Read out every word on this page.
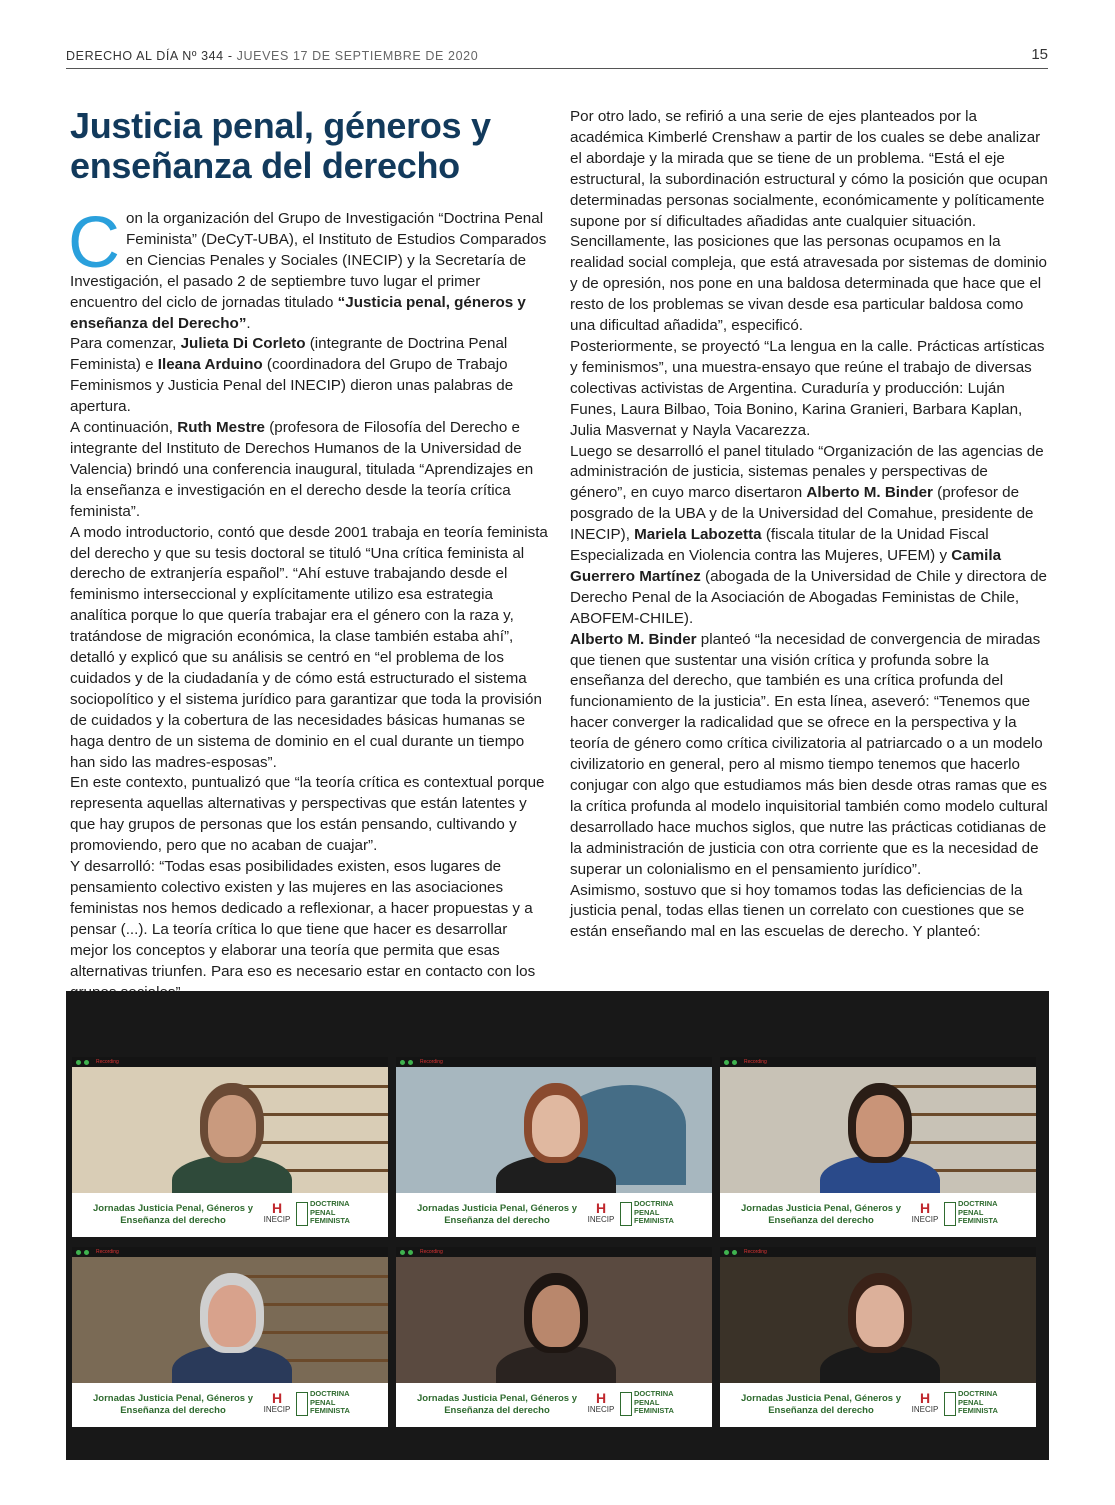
DERECHO AL DÍA Nº 344 - JUEVES 17 DE SEPTIEMBRE DE 2020	15
Justicia penal, géneros y enseñanza del derecho

Con la organización del Grupo de Investigación “Doctrina Penal Feminista” (DeCyT-UBA), el Instituto de Estudios Comparados en Ciencias Penales y Sociales (INECIP) y la Secretaría de Investigación, el pasado 2 de septiembre tuvo lugar el primer encuentro del ciclo de jornadas titulado “Justicia penal, géneros y enseñanza del Derecho”.

Para comenzar, Julieta Di Corleto (integrante de Doctrina Penal Feminista) e Ileana Arduino (coordinadora del Grupo de Trabajo Feminismos y Justicia Penal del INECIP) dieron unas palabras de apertura.

A continuación, Ruth Mestre (profesora de Filosofía del Derecho e integrante del Instituto de Derechos Humanos de la Universidad de Valencia) brindó una conferencia inaugural, titulada “Aprendizajes en la enseñanza e investigación en el derecho desde la teoría crítica feminista”.

A modo introductorio, contó que desde 2001 trabaja en teoría feminista del derecho y que su tesis doctoral se tituló “Una crítica feminista al derecho de extranjería español”. “Ahí estuve trabajando desde el feminismo interseccional y explícitamente utilizo esa estrategia analítica porque lo que quería trabajar era el género con la raza y, tratándose de migración económica, la clase también estaba ahí”, detalló y explicó que su análisis se centró en “el problema de los cuidados y de la ciudadanía y de cómo está estructurado el sistema sociopolítico y el sistema jurídico para garantizar que toda la provisión de cuidados y la cobertura de las necesidades básicas humanas se haga dentro de un sistema de dominio en el cual durante un tiempo han sido las madres-esposas”.

En este contexto, puntualizó que “la teoría crítica es contextual porque representa aquellas alternativas y perspectivas que están latentes y que hay grupos de personas que los están pensando, cultivando y promoviendo, pero que no acaban de cuajar”.

Y desarrolló: “Todas esas posibilidades existen, esos lugares de pensamiento colectivo existen y las mujeres en las asociaciones feministas nos hemos dedicado a reflexionar, a hacer propuestas y a pensar (...). La teoría crítica lo que tiene que hacer es desarrollar mejor los conceptos y elaborar una teoría que permita que esas alternativas triunfen. Para eso es necesario estar en contacto con los

Por otro lado, se refirió a una serie de ejes planteados por la académica Kimberlé Crenshaw a partir de los cuales se debe analizar el abordaje y la mirada que se tiene de un problema. “Está el eje estructural, la subordinación estructural y cómo la posición que ocupan determinadas personas socialmente, económicamente y políticamente supone por sí dificultades añadidas ante cualquier situación. Sencillamente, las posiciones que las personas ocupamos en la realidad social compleja, que está atravesada por sistemas de dominio y de opresión, nos pone en una baldosa determinada que hace que el resto de los problemas se vivan desde esa particular baldosa como una dificultad añadida”, especificó.

Posteriormente, se proyectó “La lengua en la calle. Prácticas artísticas y feminismos”, una muestra-ensayo que reúne el trabajo de diversas colectivas activistas de Argentina. Curaduría y producción: Luján Funes, Laura Bilbao, Toia Bonino, Karina Granieri, Barbara Kaplan, Julia Masvernat y Nayla Vacarezza.

Luego se desarrolló el panel titulado “Organización de las agencias de administración de justicia, sistemas penales y perspectivas de género”, en cuyo marco disertaron Alberto M. Binder (profesor de posgrado de la UBA y de la Universidad del Comahue, presidente de INECIP), Mariela Labozetta (fiscala titular de la Unidad Fiscal Especializada en Violencia contra las Mujeres, UFEM) y Camila Guerrero Martínez (abogada de la Universidad de Chile y directora de Derecho Penal de la Asociación de Abogadas Feministas de Chile, ABOFEM-CHILE).

Alberto M. Binder planteó “la necesidad de convergencia de miradas que tienen que sustentar una visión crítica y profunda sobre la enseñanza del derecho, que también es una crítica profunda del funcionamiento de la justicia”. En esta línea, aseveró: “Tenemos que hacer converger la radicalidad que se ofrece en la perspectiva y la teoría de género como crítica civilizatoria al patriarcado o a un modelo civilizatorio en general, pero al mismo tiempo tenemos que hacerlo conjugar con algo que estudiamos más bien desde otras ramas que es la crítica profunda al modelo inquisitorial también como modelo cultural desarrollado hace muchos siglos, que nutre las prácticas cotidianas de la administración de justicia con otra corriente que es la necesidad de superar un colonialismo en el pensamiento jurídico”.

Asimismo, sostuvo que si hoy tomamos todas las deficiencias de la justicia penal, todas ellas tienen un correlato con cuestiones que se están enseñando mal en las escuelas de derecho. Y planteó:

Recording
Jornadas Justicia Penal, Géneros y Enseñanza del derecho
H
INECIP
DOCTRINA
PENAL
FEMINISTA
Recording
Jornadas Justicia Penal, Géneros y Enseñanza del derecho
H
INECIP
DOCTRINA
PENAL
FEMINISTA
Recording
Jornadas Justicia Penal, Géneros y Enseñanza del derecho
H
INECIP
DOCTRINA
PENAL
FEMINISTA
Recording
Jornadas Justicia Penal, Géneros y Enseñanza del derecho
H
INECIP
DOCTRINA
PENAL
FEMINISTA
Recording
Jornadas Justicia Penal, Géneros y Enseñanza del derecho
H
INECIP
DOCTRINA
PENAL
FEMINISTA
Recording
Jornadas Justicia Penal, Géneros y Enseñanza del derecho
H
INECIP
DOCTRINA
PENAL
FEMINISTA
